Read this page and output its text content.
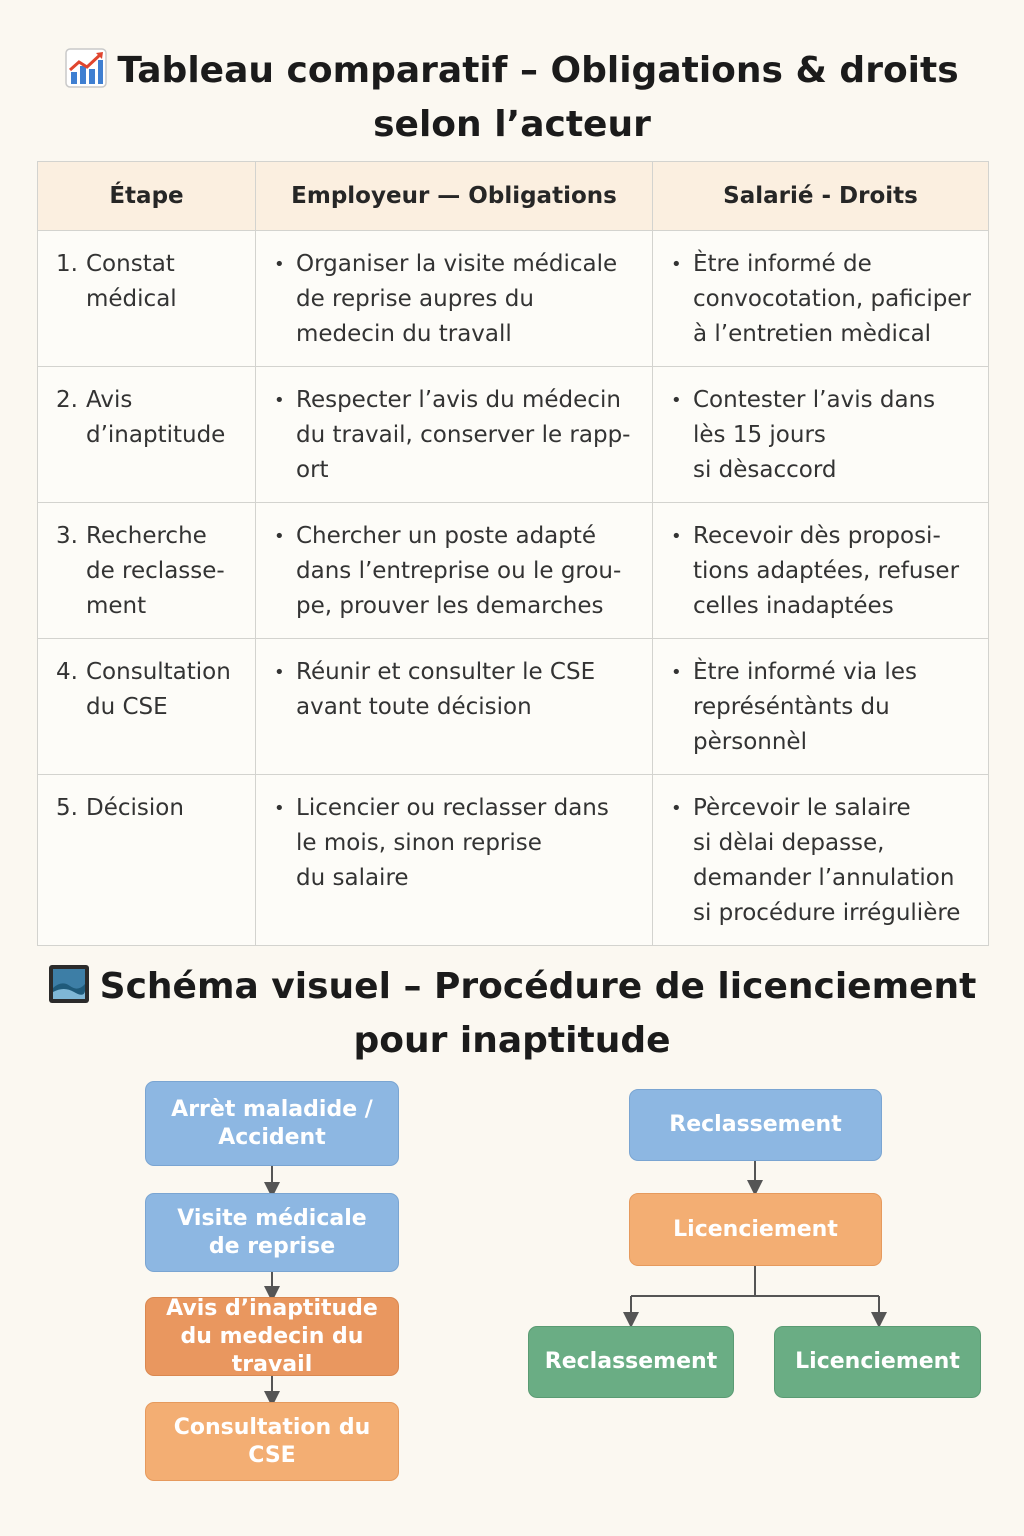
Tableau comparatif – Obligations & droits
selon l’acteur
Étape	Employeur — Obligations	Salarié - Droits

1. Constat
médical	• Organiser la visite médicale
de reprise aupres du
medecin du travall	• Ètre informé de
convocotation, paficiper
à l’entretien mèdical

2. Avis
d’inaptitude	• Respecter l’avis du médecin
du travail, conserver le rapp-
ort	• Contester l’avis dans
lès 15 jours
si dèsaccord

3. Recherche
de reclasse-
ment	• Chercher un poste adapté
dans l’entreprise ou le grou-
pe, prouver les demarches	• Recevoir dès proposi-
tions adaptées, refuser
celles inadaptées

4. Consultation
du CSE	• Réunir et consulter le CSE
avant toute décision	• Ètre informé via les
représéntànts du
pèrsonnèl

5. Décision	• Licencier ou reclasser dans
le mois, sinon reprise
du salaire	• Pèrcevoir le salaire
si dèlai depasse,
demander l’annulation
si procédure irrégulière
Schéma visuel – Procédure de licenciement
pour inaptitude
Arrèt maladide /
Accident
Visite médicale
de reprise
Avis d’inaptitude
du medecin du travail
Consultation du
CSE
Reclassement
Licenciement
Reclassement	Licenciement
